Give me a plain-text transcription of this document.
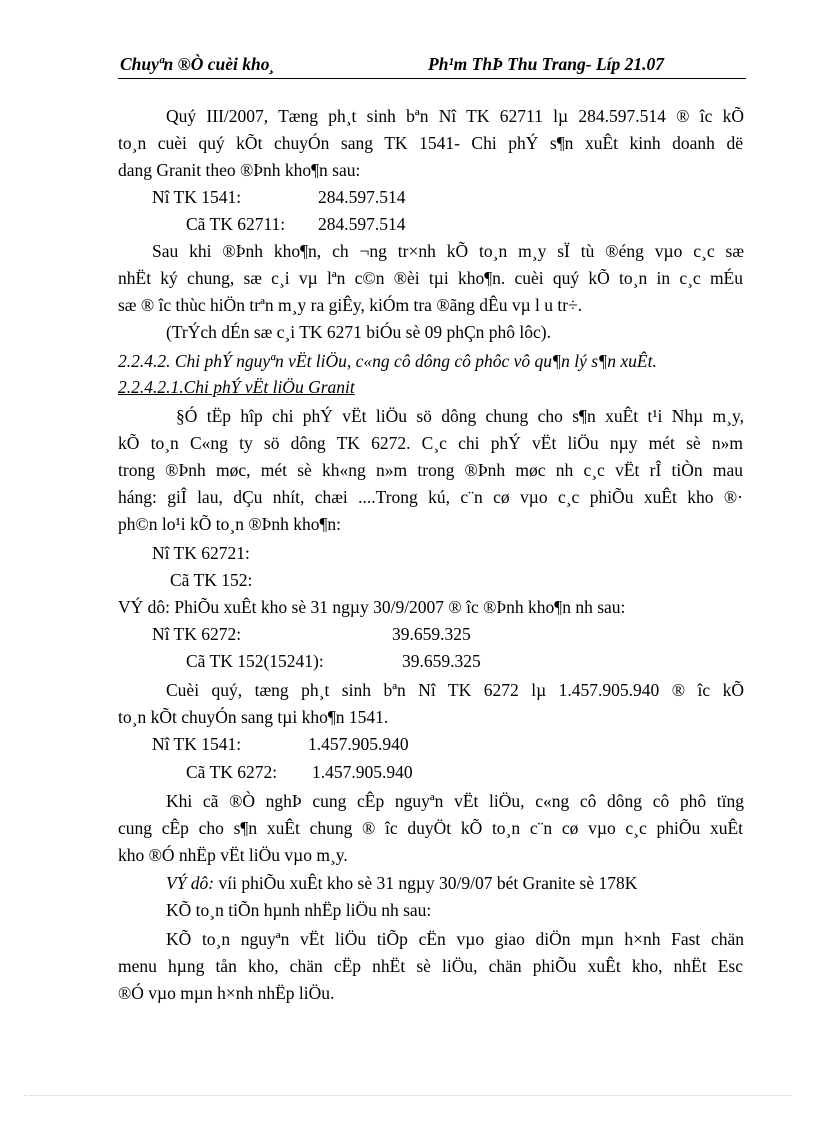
Chuyªn ®Ò cuèi kho¸	Ph¹m ThÞ Thu Trang- Líp 21.07
Quý III/2007, Tæng ph¸t sinh bªn Nî TK 62711 lµ 284.597.514 ® îc kÕ
to¸n cuèi quý kÕt chuyÓn sang TK 1541- Chi phÝ s¶n xuÊt kinh doanh dë
dang Granit theo ®Þnh kho¶n sau:
Nî TK 1541:	284.597.514
Cã TK 62711: 284.597.514
Sau khi ®Þnh kho¶n, ch ¬ng tr×nh kÕ to¸n m¸y sÏ tù ®éng vµo c¸c sæ
nhËt ký chung, sæ c¸i vµ lªn c©n ®èi tµi kho¶n. cuèi quý kÕ to¸n in c¸c mÉu
sæ ® îc thùc hiÖn trªn m¸y ra giÊy, kiÓm tra ®ãng dÊu vµ l u tr÷.
(TrÝch dÉn sæ c¸i TK 6271 biÓu sè 09 phÇn phô lôc).
2.2.4.2. Chi phÝ nguyªn vËt liÖu, c«ng cô dông cô phôc vô qu¶n lý s¶n xuÊt.
2.2.4.2.1.Chi phÝ vËt liÖu Granit
§Ó tËp hîp chi phÝ vËt liÖu sö dông chung cho s¶n xuÊt t¹i Nhµ m¸y,
kÕ to¸n C«ng ty sö dông TK 6272. C¸c chi phÝ vËt liÖu nµy mét sè n»m
trong ®Þnh møc, mét sè kh«ng n»m trong ®Þnh møc nh c¸c vËt rÎ tiÒn mau
háng: giÎ lau, dÇu nhít, chæi ....Trong kú, c¨n cø vµo c¸c phiÕu xuÊt kho ®·
ph©n lo¹i kÕ to¸n ®Þnh kho¶n:
Nî TK 62721:
Cã TK 152:
VÝ dô: PhiÕu xuÊt kho sè 31 ngµy 30/9/2007 ® îc ®Þnh kho¶n nh sau:
Nî TK 6272:	39.659.325
Cã TK 152(15241):	39.659.325
Cuèi quý, tæng ph¸t sinh bªn Nî TK 6272 lµ 1.457.905.940 ® îc kÕ
to¸n kÕt chuyÓn sang tµi kho¶n 1541.
Nî TK 1541:	1.457.905.940
Cã TK 6272: 1.457.905.940
Khi cã ®Ò nghÞ cung cÊp nguyªn vËt liÖu, c«ng cô dông cô phô tïng
cung cÊp cho s¶n xuÊt chung ® îc duyÖt kÕ to¸n c¨n cø vµo c¸c phiÕu xuÊt
kho ®Ó nhËp vËt liÖu vµo m¸y.
VÝ dô: víi phiÕu xuÊt kho sè 31 ngµy 30/9/07 bét Granite sè 178K
KÕ to¸n tiÕn hµnh nhËp liÖu nh sau:
KÕ to¸n nguyªn vËt liÖu tiÕp cËn vµo giao diÖn mµn h×nh Fast chän
menu hµng tån kho, chän cËp nhËt sè liÖu, chän phiÕu xuÊt kho, nhËt Esc
®Ó vµo mµn h×nh nhËp liÖu.
